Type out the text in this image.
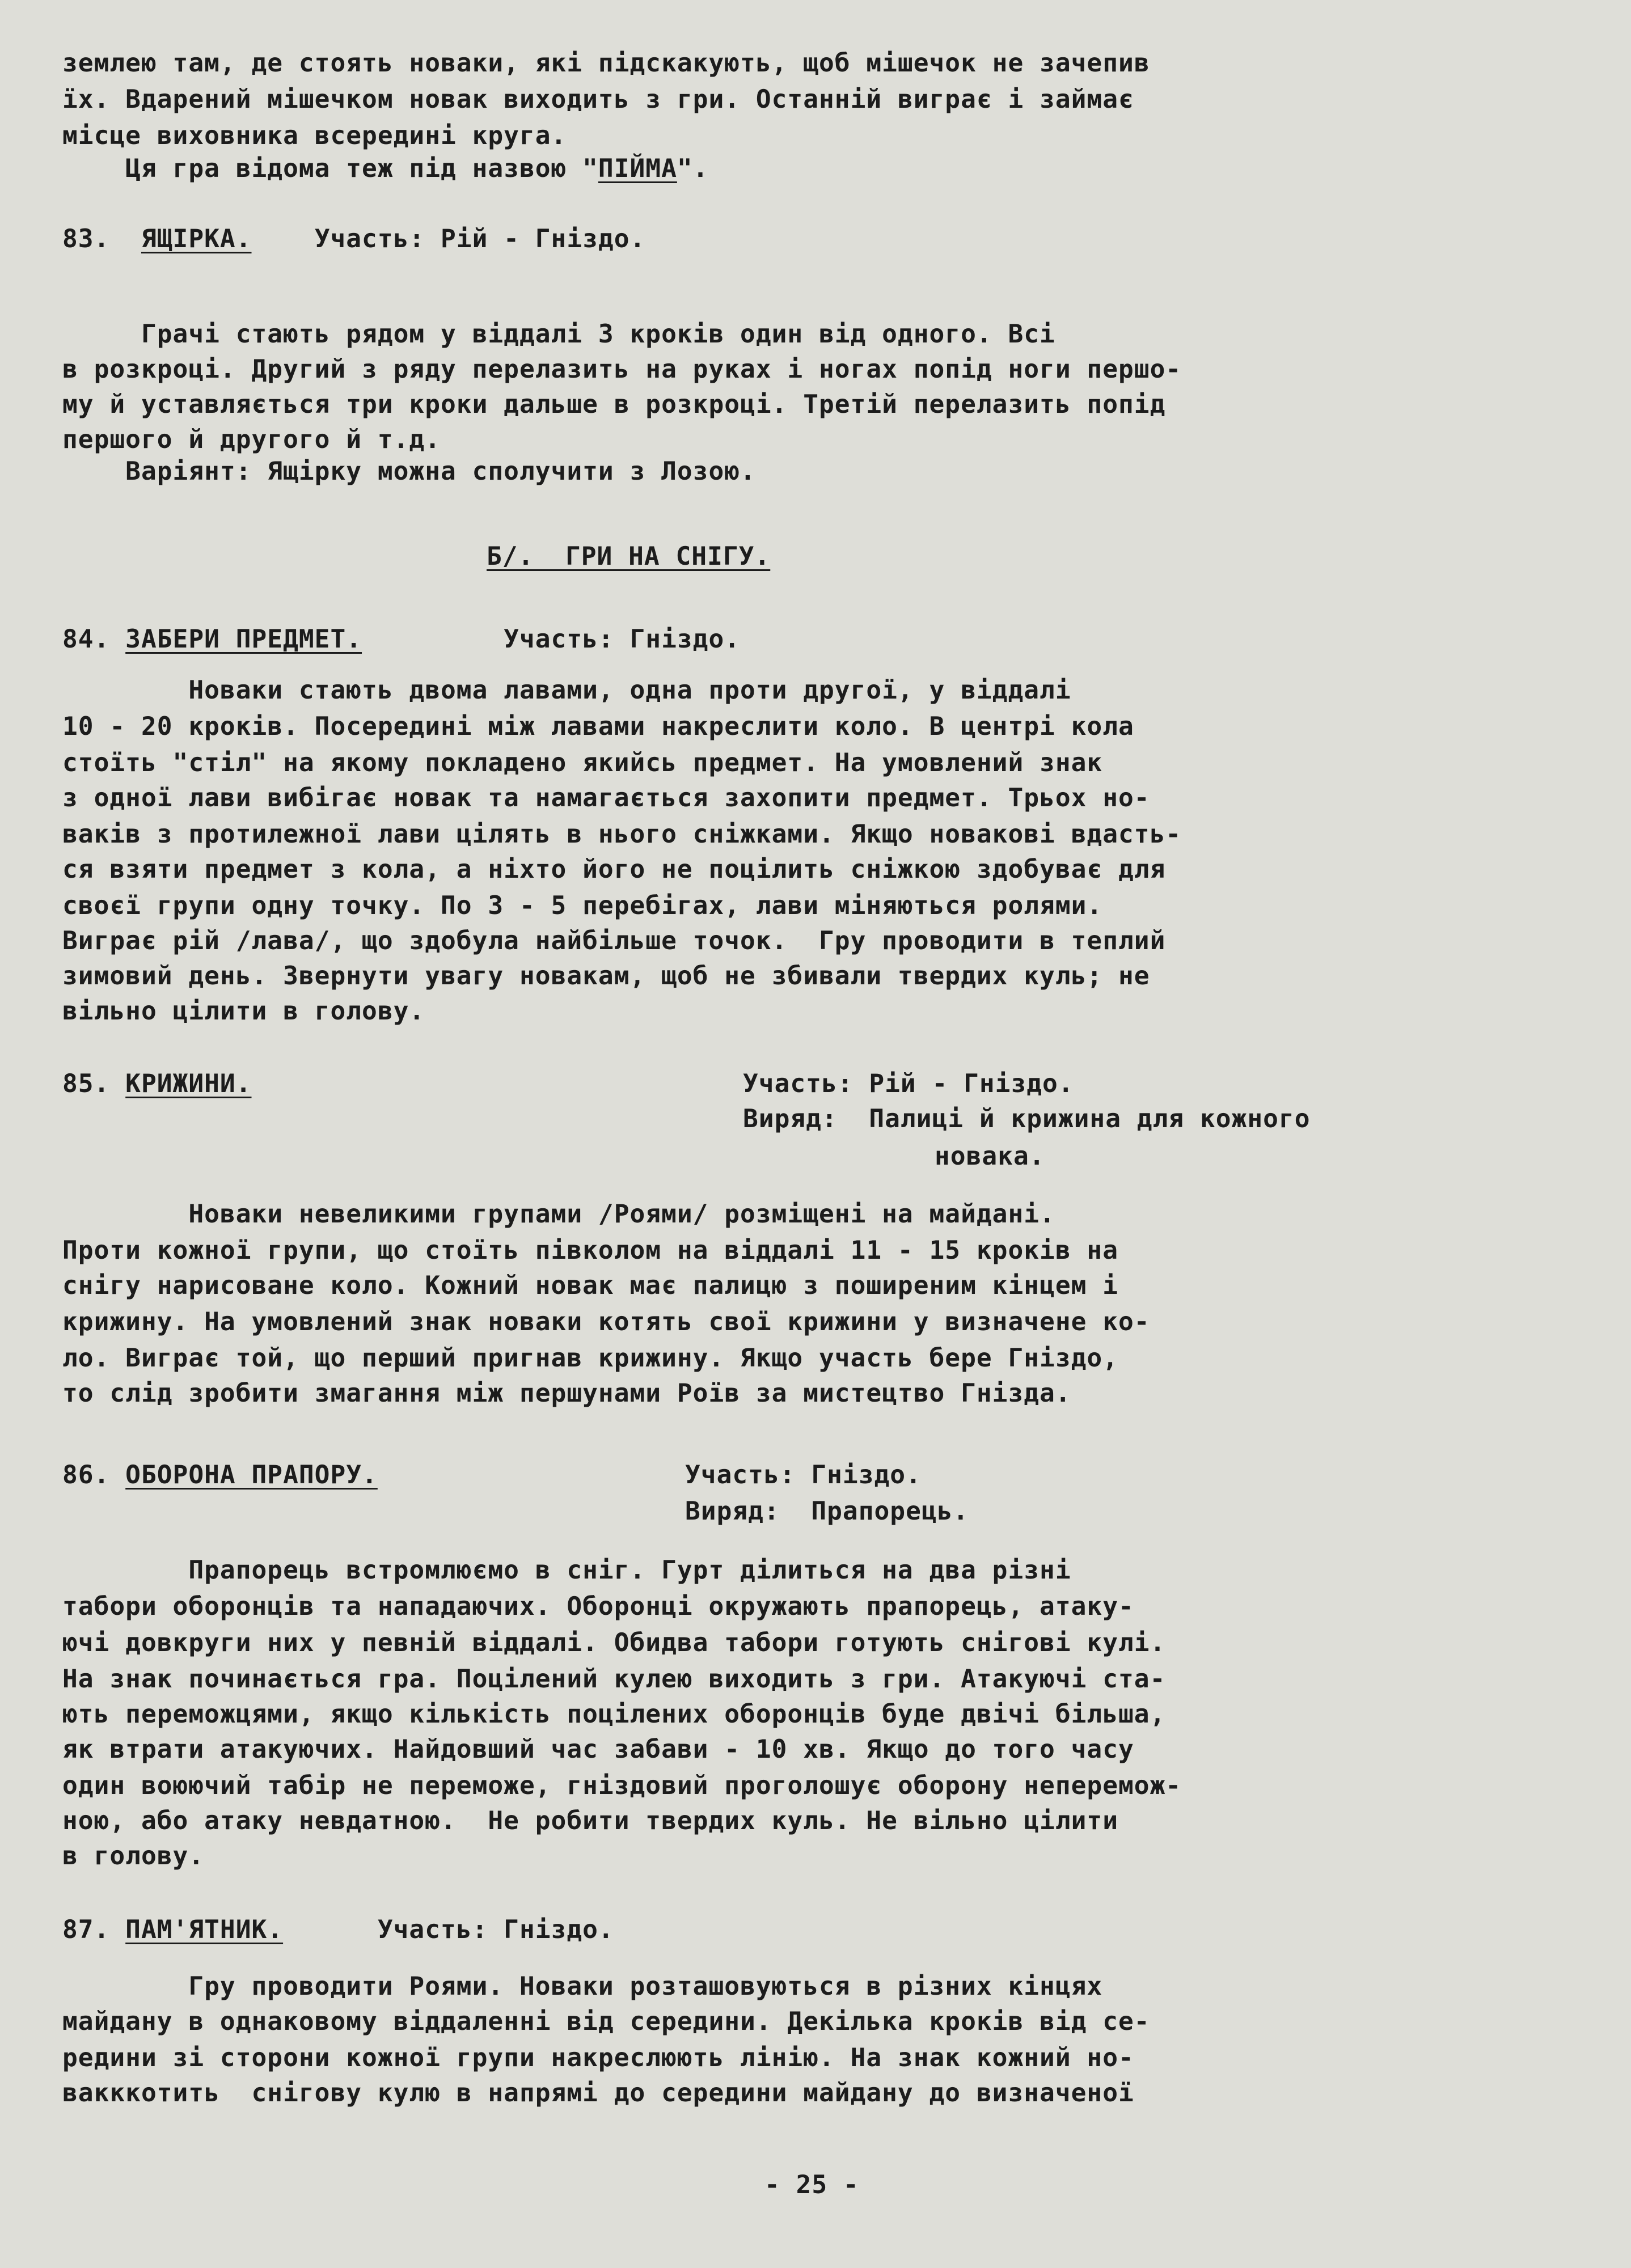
землею там, де стоять новаки, які підскакують, щоб мішечок не зачепив
їх. Вдарений мішечком новак виходить з гри. Останній виграє і займає
місце виховника всередині круга.
Ця гра відома теж під назвою "ПІЙМА".
83. ЯЩІРКА. Участь: Рій - Гніздо.
Грачі стають рядом у віддалі 3 кроків один від одного. Всі
в розкроці. Другий з ряду перелазить на руках і ногах попід ноги першо-
му й уставляється три кроки дальше в розкроці. Третій перелазить попід
першого й другого й т.д.
Варіянт: Ящірку можна сполучити з Лозою.
Б/.  ГРИ НА СНІГУ.
84. ЗАБЕРИ ПРЕДМЕТ.	Участь: Гніздо.
Новаки стають двома лавами, одна проти другої, у віддалі
10 - 20 кроків. Посередині між лавами накреслити коло. В центрі кола
стоїть "стіл" на якому покладено якийсь предмет. На умовлений знак
з одної лави вибігає новак та намагається захопити предмет. Трьох но-
ваків з протилежної лави цілять в нього сніжками. Якщо новакові вдасть-
ся взяти предмет з кола, а ніхто його не поцілить сніжкою здобуває для
своєї групи одну точку. По 3 - 5 перебігах, лави міняються ролями.
Виграє рій /лава/, що здобула найбільше точок.  Гру проводити в теплий
зимовий день. Звернути увагу новакам, щоб не збивали твердих куль; не
вільно цілити в голову.
85. КРИЖИНИ.	Участь: Рій - Гніздо.
Виряд: Палиці й крижина для кожного
новака.
Новаки невеликими групами /Роями/ розміщені на майдані.
Проти кожної групи, що стоїть півколом на віддалі 11 - 15 кроків на
снігу нарисоване коло. Кожний новак має палицю з поширеним кінцем і
крижину. На умовлений знак новаки котять свої крижини у визначене ко-
ло. Виграє той, що перший пригнав крижину. Якщо участь бере Гніздо,
то слід зробити змагання між першунами Роїв за мистецтво Гнізда.
86. ОБОРОНА ПРАПОРУ.	Участь: Гніздо.
Виряд:  Прапорець.
Прапорець встромлюємо в сніг. Гурт ділиться на два різні
табори оборонців та нападаючих. Оборонці окружають прапорець, атаку-
ючі довкруги них у певній віддалі. Обидва табори готують снігові кулі.
На знак починається гра. Поцілений кулею виходить з гри. Атакуючі ста-
ють переможцями, якщо кількість поцілених оборонців буде двічі більша,
як втрати атакуючих. Найдовший час забави - 10 хв. Якщо до того часу
один воюючий табір не переможе, гніздовий проголошує оборону неперемож-
ною, або атаку невдатною.  Не робити твердих куль. Не вільно цілити
в голову.
87. ПАМ'ЯТНИК.	Участь: Гніздо.
Гру проводити Роями. Новаки розташовуються в різних кінцях
майдану в однаковому віддаленні від середини. Декілька кроків від се-
редини зі сторони кожної групи накреслюють лінію. На знак кожний но-
вакккотить  снігову кулю в напрямі до середини майдану до визначеної
- 25 -
